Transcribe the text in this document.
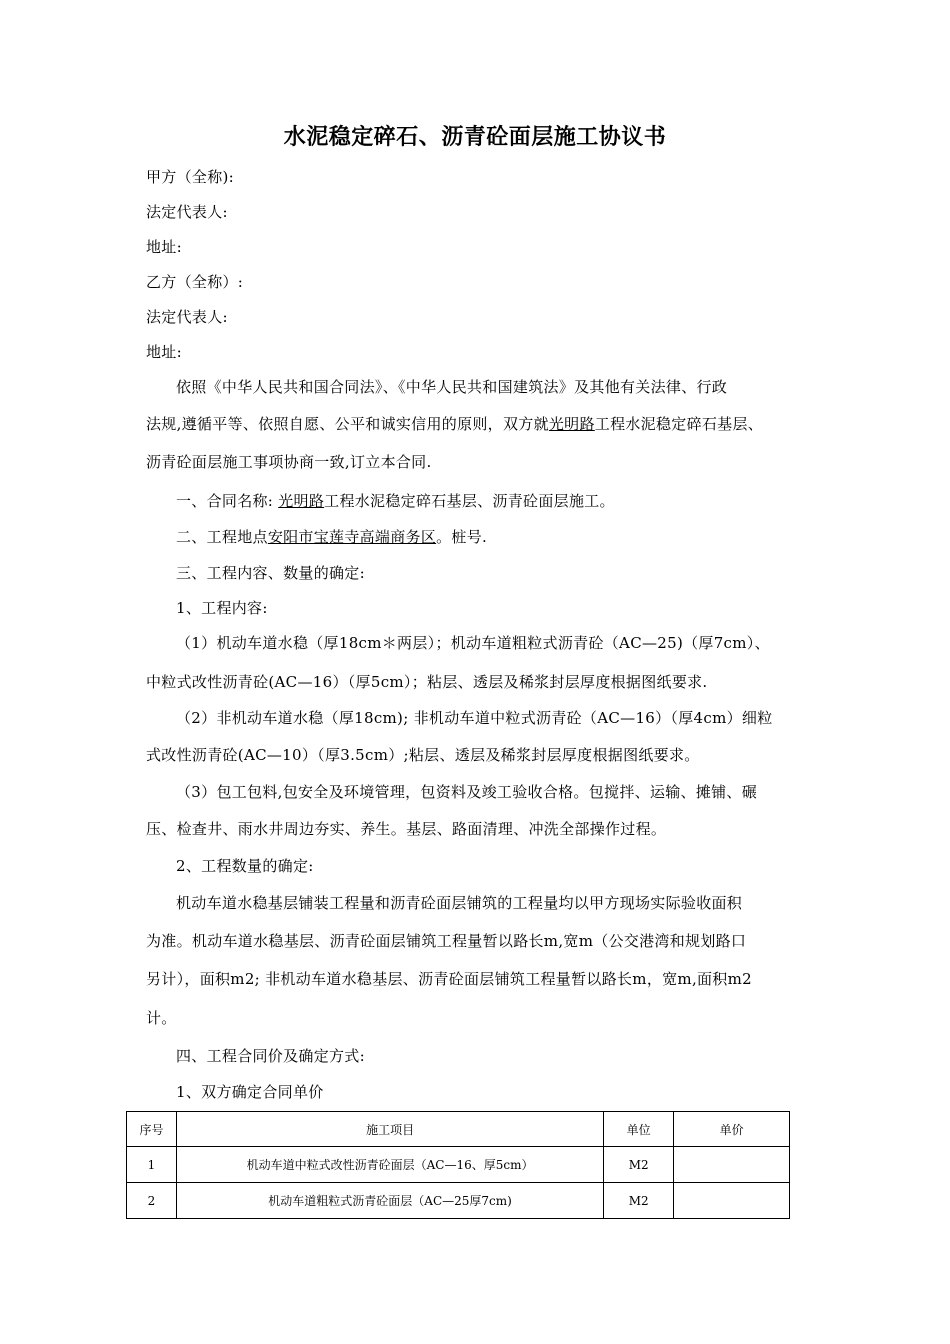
水泥稳定碎石、沥青砼面层施工协议书
甲方（全称):
法定代表人:
地址:
乙方（全称）:
法定代表人:
地址:
依照《中华人民共和国合同法》、《中华人民共和国建筑法》及其他有关法律、行政
法规,遵循平等、依照自愿、公平和诚实信用的原则，双方就光明路工程水泥稳定碎石基层、
沥青砼面层施工事项协商一致,订立本合同.
一、合同名称: 光明路工程水泥稳定碎石基层、沥青砼面层施工。
二、工程地点安阳市宝莲寺高端商务区。桩号.
三、工程内容、数量的确定:
1、工程内容:
（1）机动车道水稳（厚18cm＊两层）；机动车道粗粒式沥青砼（AC—25)（厚7cm）、
中粒式改性沥青砼(AC—16）（厚5cm）；粘层、透层及稀浆封层厚度根据图纸要求.
（2）非机动车道水稳（厚18cm); 非机动车道中粒式沥青砼（AC—16）（厚4cm）细粒
式改性沥青砼(AC—10）（厚3.5cm）;粘层、透层及稀浆封层厚度根据图纸要求。
（3）包工包料,包安全及环境管理，包资料及竣工验收合格。包搅拌、运输、摊铺、碾
压、检查井、雨水井周边夯实、养生。基层、路面清理、冲洗全部操作过程。
2、工程数量的确定:
机动车道水稳基层铺装工程量和沥青砼面层铺筑的工程量均以甲方现场实际验收面积
为准。机动车道水稳基层、沥青砼面层铺筑工程量暂以路长m,宽m（公交港湾和规划路口
另计），面积m2; 非机动车道水稳基层、沥青砼面层铺筑工程量暂以路长m，宽m,面积m2
计。
四、工程合同价及确定方式:
1、双方确定合同单价
序号	施工项目	单位	单价
1	机动车道中粒式改性沥青砼面层（AC—16、厚5cm）	M2	
2	机动车道粗粒式沥青砼面层（AC—25厚7cm)	M2	
